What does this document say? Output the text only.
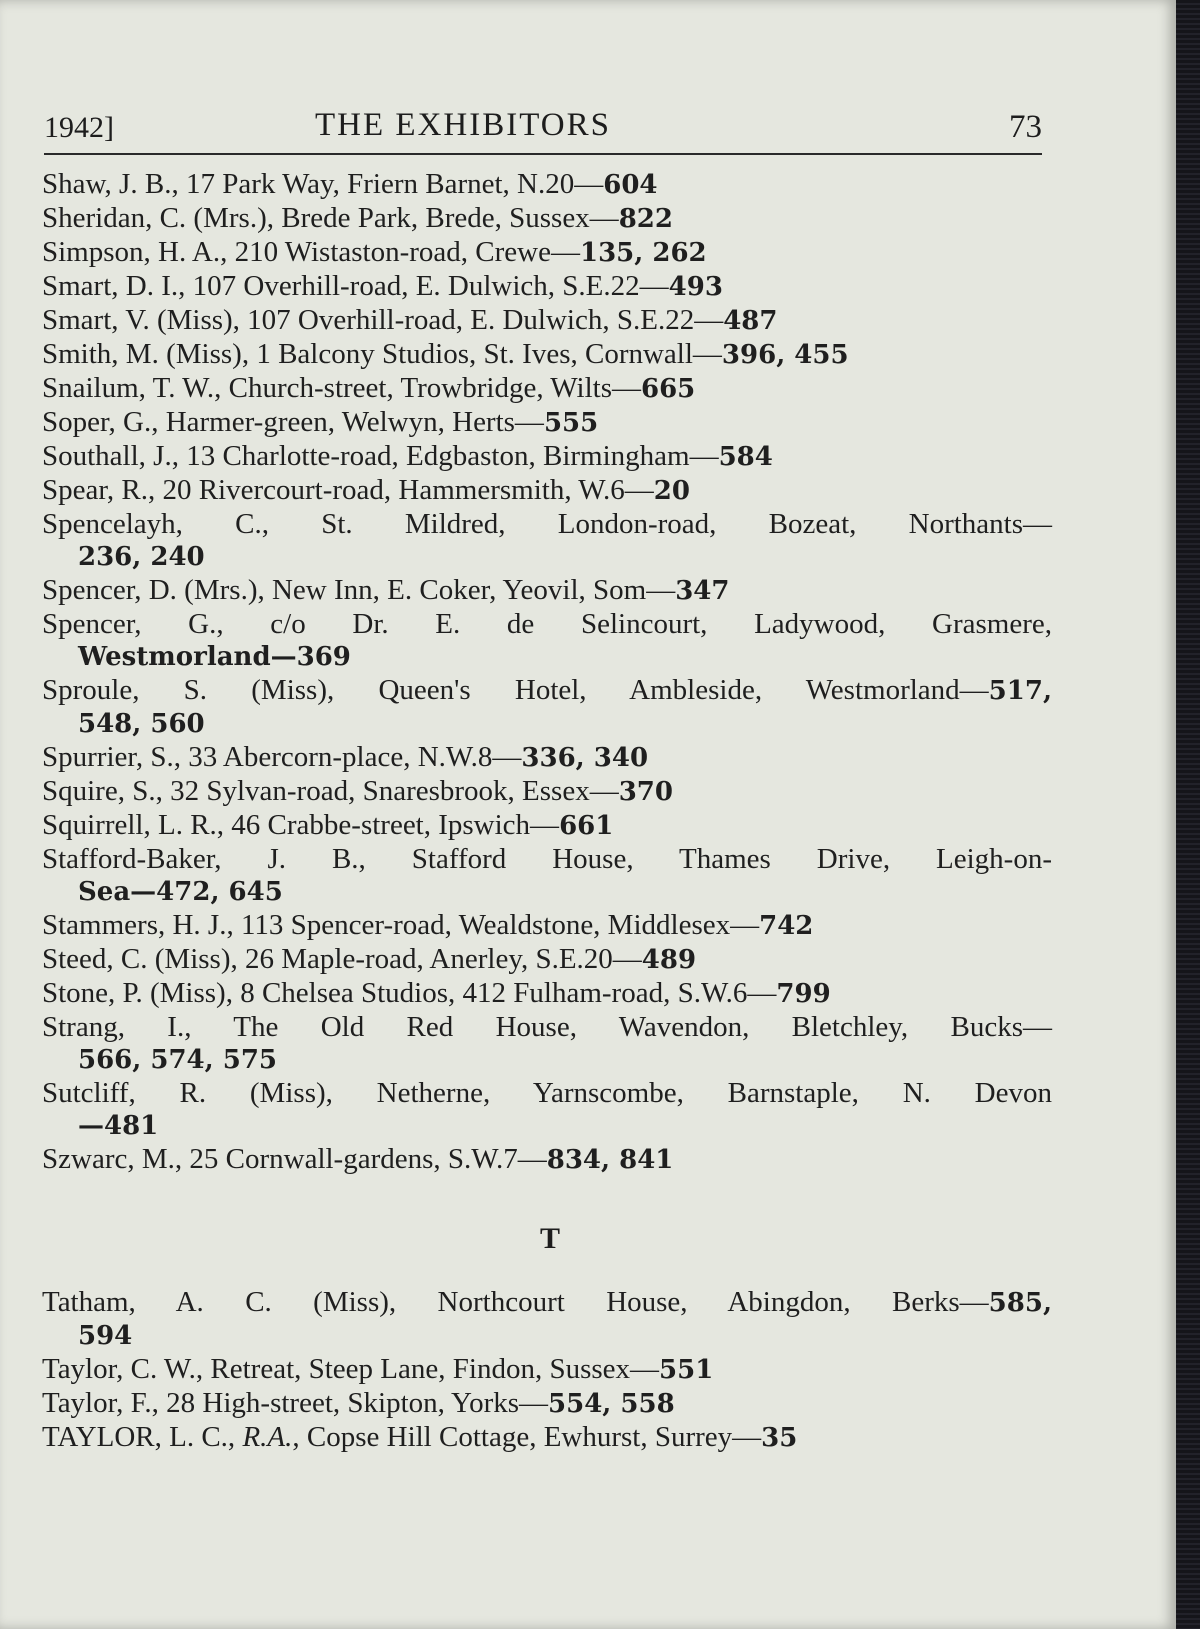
1942]	THE EXHIBITORS	73
Shaw, J. B., 17 Park Way, Friern Barnet, N.20—604
Sheridan, C. (Mrs.), Brede Park, Brede, Sussex—822
Simpson, H. A., 210 Wistaston-road, Crewe—135, 262
Smart, D. I., 107 Overhill-road, E. Dulwich, S.E.22—493
Smart, V. (Miss), 107 Overhill-road, E. Dulwich, S.E.22—487
Smith, M. (Miss), 1 Balcony Studios, St. Ives, Cornwall—396, 455
Snailum, T. W., Church-street, Trowbridge, Wilts—665
Soper, G., Harmer-green, Welwyn, Herts—555
Southall, J., 13 Charlotte-road, Edgbaston, Birmingham—584
Spear, R., 20 Rivercourt-road, Hammersmith, W.6—20
Spencelayh, C., St. Mildred, London-road, Bozeat, Northants—
236, 240
Spencer, D. (Mrs.), New Inn, E. Coker, Yeovil, Som—347
Spencer, G., c/o Dr. E. de Selincourt, Ladywood, Grasmere,
Westmorland—369
Sproule, S. (Miss), Queen's Hotel, Ambleside, Westmorland—517,
548, 560
Spurrier, S., 33 Abercorn-place, N.W.8—336, 340
Squire, S., 32 Sylvan-road, Snaresbrook, Essex—370
Squirrell, L. R., 46 Crabbe-street, Ipswich—661
Stafford-Baker, J. B., Stafford House, Thames Drive, Leigh-on-
Sea—472, 645
Stammers, H. J., 113 Spencer-road, Wealdstone, Middlesex—742
Steed, C. (Miss), 26 Maple-road, Anerley, S.E.20—489
Stone, P. (Miss), 8 Chelsea Studios, 412 Fulham-road, S.W.6—799
Strang, I., The Old Red House, Wavendon, Bletchley, Bucks—
566, 574, 575
Sutcliff, R. (Miss), Netherne, Yarnscombe, Barnstaple, N. Devon
—481
Szwarc, M., 25 Cornwall-gardens, S.W.7—834, 841
T
Tatham, A. C. (Miss), Northcourt House, Abingdon, Berks—585,
594
Taylor, C. W., Retreat, Steep Lane, Findon, Sussex—551
Taylor, F., 28 High-street, Skipton, Yorks—554, 558
TAYLOR, L. C., R.A., Copse Hill Cottage, Ewhurst, Surrey—35
